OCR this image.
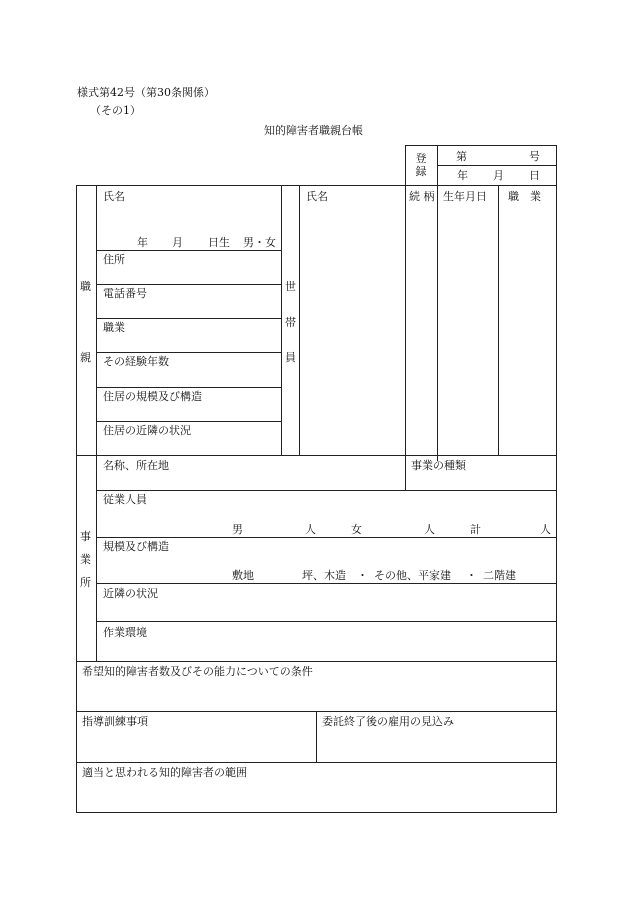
様式第42号（第30条関係）
（その1）
知的障害者職親台帳
登録
第	号
年 月 日
職
親
氏名
年 月 日生 男・女
住所
電話番号
職業
その経験年数
住居の規模及び構造
住居の近隣の状況
世
帯
員
氏名	続 柄 生年月日 職　業
事
業
所
名称、所在地	事業の種類
従業人員
男	人	女	人	計	人
規模及び構造
敷地	坪、木造 ・ その他、平家建 ・ 二階建
近隣の状況
作業環境
希望知的障害者数及びその能力についての条件
指導訓練事項	委託終了後の雇用の見込み
適当と思われる知的障害者の範囲
